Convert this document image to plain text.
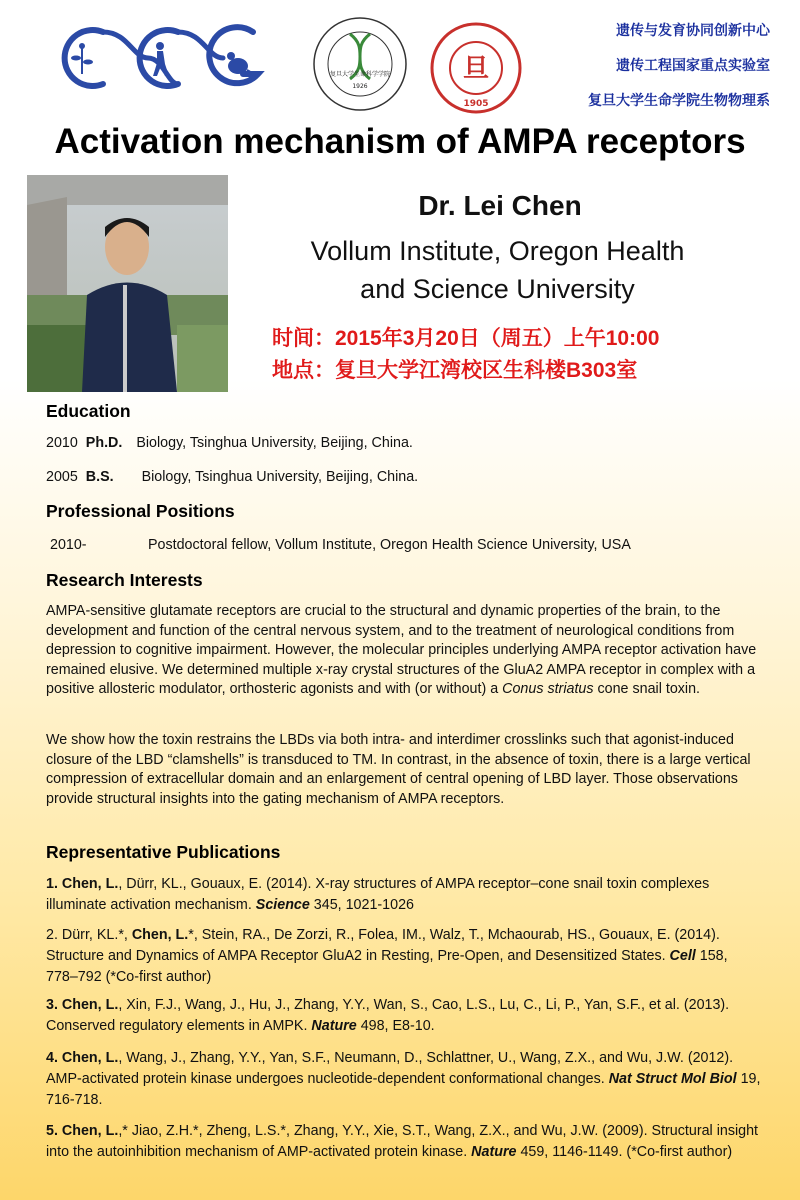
复旦大学生命科学学院
1926
旦
1905
遗传与发育协同创新中心
遗传工程国家重点实验室
复旦大学生命学院生物物理系
Activation mechanism of AMPA receptors
Dr. Lei Chen
Vollum Institute, Oregon Health
and Science University
时间：2015年3月20日（周五）上午10:00
地点：复旦大学江湾校区生科楼B303室
Education
2010 Ph.D. Biology, Tsinghua University, Beijing, China.
2005 B.S. Biology, Tsinghua University, Beijing, China.
Professional Positions
2010-	Postdoctoral fellow, Vollum Institute, Oregon Health Science University, USA
Research Interests
AMPA-sensitive glutamate receptors are crucial to the structural and dynamic properties of the brain, to the development and function of the central nervous system, and to the treatment of neurological conditions from depression to cognitive impairment. However, the molecular principles underlying AMPA receptor activation have remained elusive. We determined multiple x-ray crystal structures of the GluA2 AMPA receptor in complex with a positive allosteric modulator, orthosteric agonists and with (or without) a Conus striatus cone snail toxin.
We show how the toxin restrains the LBDs via both intra- and interdimer crosslinks such that agonist-induced closure of the LBD “clamshells” is transduced to TM. In contrast, in the absence of toxin, there is a large vertical compression of extracellular domain and an enlargement of central opening of LBD layer. Those observations provide structural insights into the gating mechanism of AMPA receptors.
Representative Publications
1. Chen, L., Dürr, KL., Gouaux, E. (2014). X-ray structures of AMPA receptor–cone snail toxin complexes illuminate activation mechanism. Science 345, 1021-1026
2. Dürr, KL.*, Chen, L.*, Stein, RA., De Zorzi, R., Folea, IM., Walz, T., Mchaourab, HS., Gouaux, E. (2014). Structure and Dynamics of AMPA Receptor GluA2 in Resting, Pre-Open, and Desensitized States. Cell 158, 778–792 (*Co-first author)
3. Chen, L., Xin, F.J., Wang, J., Hu, J., Zhang, Y.Y., Wan, S., Cao, L.S., Lu, C., Li, P., Yan, S.F., et al. (2013). Conserved regulatory elements in AMPK. Nature 498, E8-10.
4. Chen, L., Wang, J., Zhang, Y.Y., Yan, S.F., Neumann, D., Schlattner, U., Wang, Z.X., and Wu, J.W. (2012). AMP-activated protein kinase undergoes nucleotide-dependent conformational changes. Nat Struct Mol Biol 19, 716-718.
5. Chen, L.,* Jiao, Z.H.*, Zheng, L.S.*, Zhang, Y.Y., Xie, S.T., Wang, Z.X., and Wu, J.W. (2009). Structural insight into the autoinhibition mechanism of AMP-activated protein kinase. Nature 459, 1146-1149. (*Co-first author)
